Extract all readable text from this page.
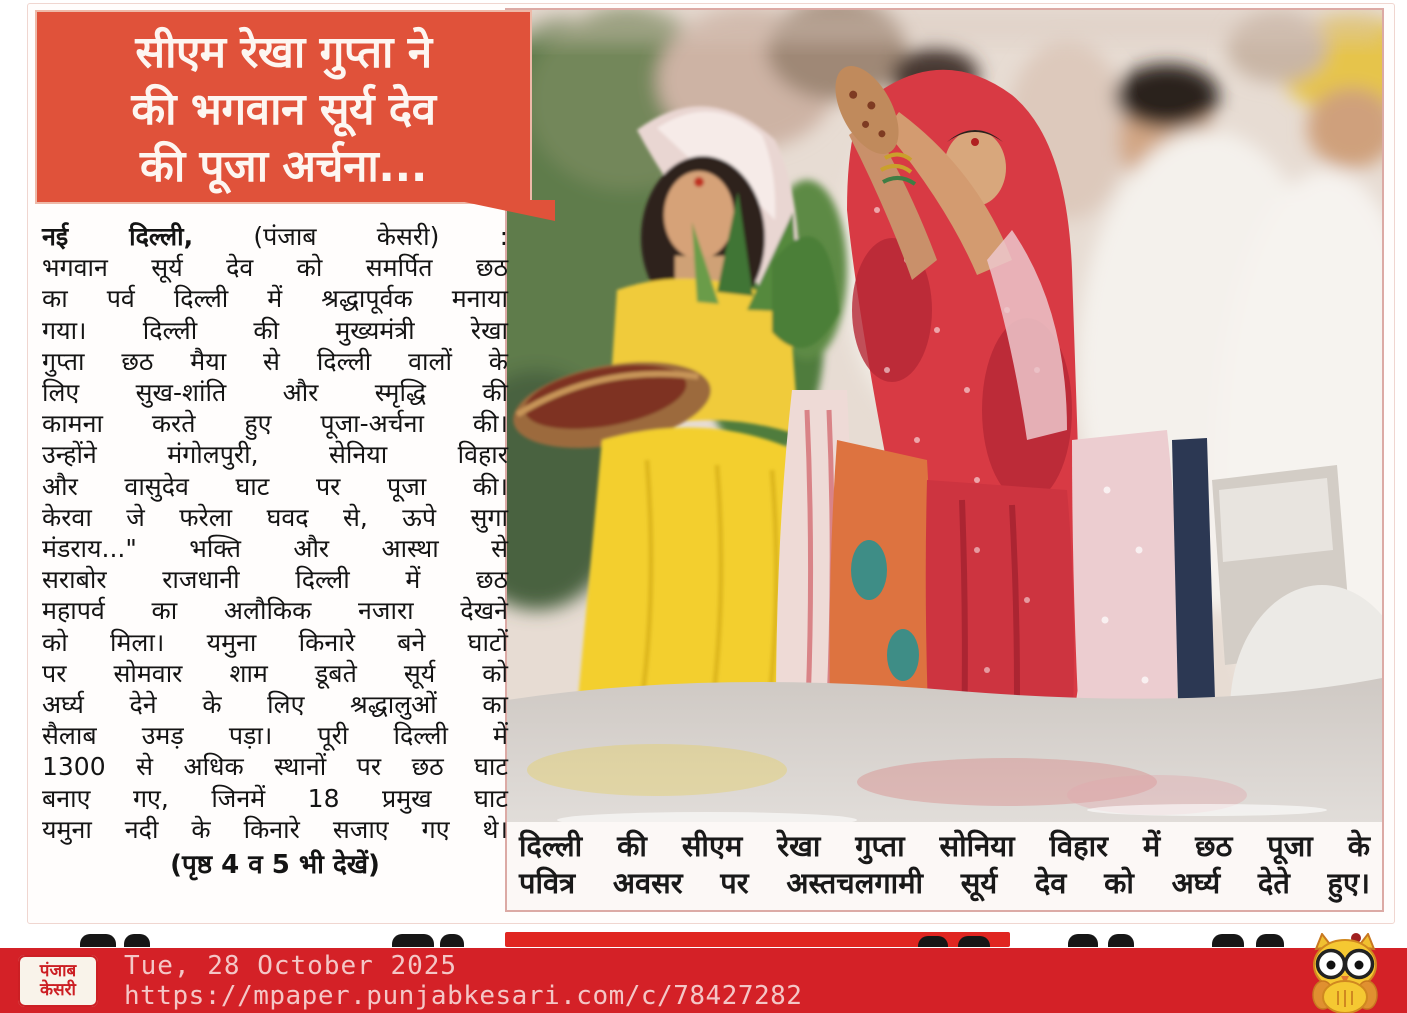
सीएम रेखा गुप्ता ने
की भगवान सूर्य देव
की पूजा अर्चना...
नई दिल्ली, (पंजाब केसरी) :
भगवान सूर्य देव को समर्पित छठ
का पर्व दिल्ली में श्रद्धापूर्वक मनाया
गया। दिल्ली की मुख्यमंत्री रेखा
गुप्ता छठ मैया से दिल्ली वालों के
लिए सुख-शांति और स्मृद्धि की
कामना करते हुए पूजा-अर्चना की।
उन्होंने मंगोलपुरी, सेनिया विहार
और वासुदेव घाट पर पूजा की।
केरवा जे फरेला घवद से, ऊपे सुगा
मंडराय..." भक्ति और आस्था से
सराबोर राजधानी दिल्ली में छठ
महापर्व का अलौकिक नजारा देखने
को मिला। यमुना किनारे बने घाटों
पर सोमवार शाम डूबते सूर्य को
अर्घ्य देने के लिए श्रद्धालुओं का
सैलाब उमड़ पड़ा। पूरी दिल्ली में
1300 से अधिक स्थानों पर छठ घाट
बनाए गए, जिनमें 18 प्रमुख घाट
यमुना नदी के किनारे सजाए गए थे।
(पृष्ठ 4 व 5 भी देखें)
दिल्ली की सीएम रेखा गुप्ता सोनिया विहार में छठ पूजा के
पवित्र अवसर पर अस्तचलगामी सूर्य देव को अर्घ्य देते हुए।
पंजाब
केसरी
Tue, 28 October 2025
https://mpaper.punjabkesari.com/c/78427282
